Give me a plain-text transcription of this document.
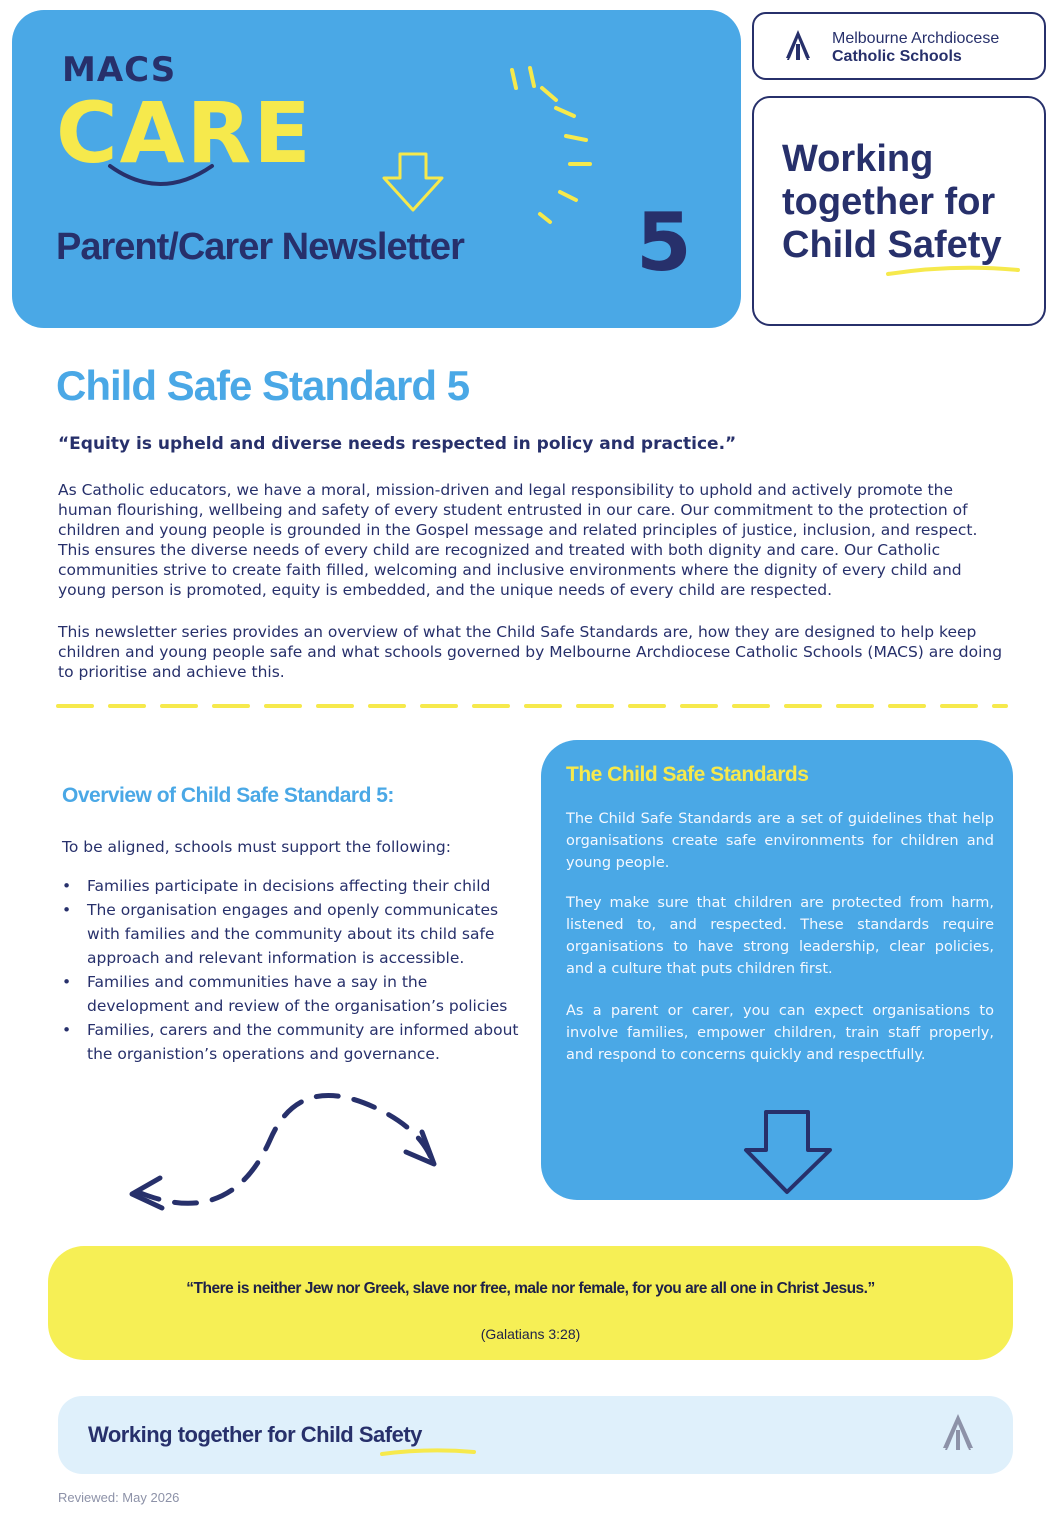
MACS
CARE
Parent/Carer Newsletter 5
Melbourne Archdiocese
Catholic Schools
Working together for Child Safety
Child Safe Standard 5
“Equity is upheld and diverse needs respected in policy and practice.”
As Catholic educators, we have a moral, mission-driven and legal responsibility to uphold and actively promote the human flourishing, wellbeing and safety of every student entrusted in our care. Our commitment to the protection of children and young people is grounded in the Gospel message and related principles of justice, inclusion, and respect. This ensures the diverse needs of every child are recognized and treated with both dignity and care. Our Catholic communities strive to create faith filled, welcoming and inclusive environments where the dignity of every child and young person is promoted, equity is embedded, and the unique needs of every child are respected.
This newsletter series provides an overview of what the Child Safe Standards are, how they are designed to help keep children and young people safe and what schools governed by Melbourne Archdiocese Catholic Schools (MACS) are doing to prioritise and achieve this.
Overview of Child Safe Standard 5:
To be aligned, schools must support the following:
• Families participate in decisions affecting their child
• The organisation engages and openly communicates with families and the community about its child safe approach and relevant information is accessible.
• Families and communities have a say in the development and review of the organisation’s policies
• Families, carers and the community are informed about the organistion’s operations and governance.
The Child Safe Standards
The Child Safe Standards are a set of guidelines that help organisations create safe environments for children and young people.
They make sure that children are protected from harm, listened to, and respected. These standards require organisations to have strong leadership, clear policies, and a culture that puts children first.
As a parent or carer, you can expect organisations to involve families, empower children, train staff properly, and respond to concerns quickly and respectfully.
“There is neither Jew nor Greek, slave nor free, male nor female, for you are all one in Christ Jesus.”
(Galatians 3:28)
Working together for Child Safety
Reviewed: May 2026
